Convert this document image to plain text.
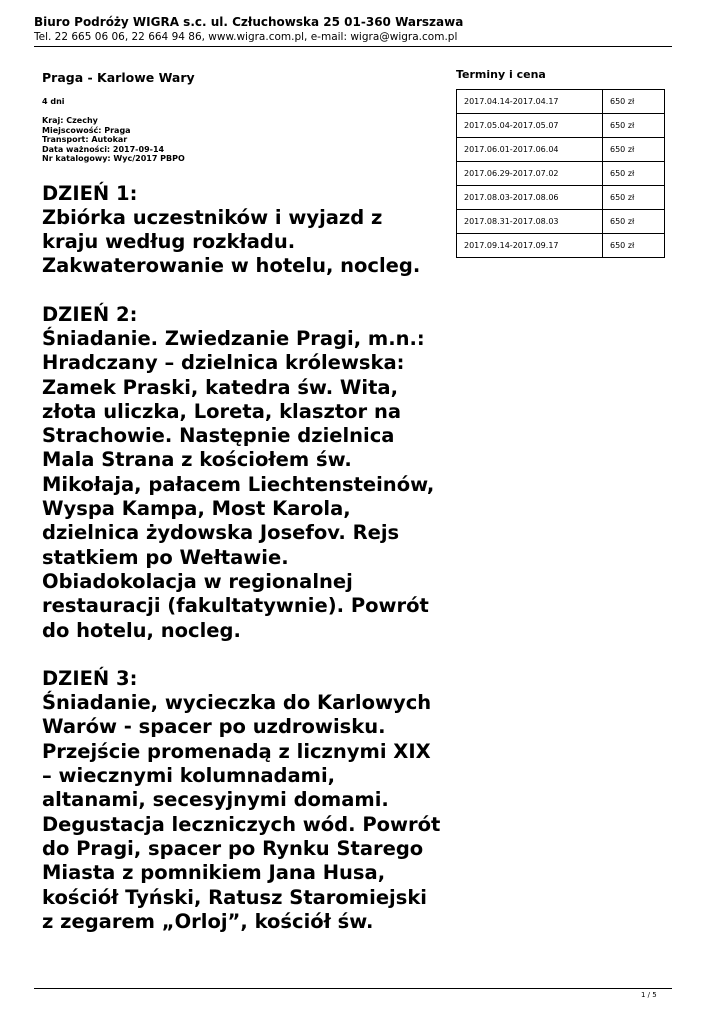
Biuro Podróży WIGRA s.c. ul. Człuchowska 25 01-360 Warszawa
Tel. 22 665 06 06, 22 664 94 86, www.wigra.com.pl, e-mail: wigra@wigra.com.pl
Praga - Karlowe Wary
4 dni
Kraj: Czechy
Miejscowość: Praga
Transport: Autokar
Data ważności: 2017-09-14
Nr katalogowy: Wyc/2017 PBPO
DZIEŃ 1:
Zbiórka uczestników i wyjazd z
kraju według rozkładu.
Zakwaterowanie w hotelu, nocleg.
DZIEŃ 2:
Śniadanie. Zwiedzanie Pragi, m.n.:
Hradczany – dzielnica królewska:
Zamek Praski, katedra św. Wita,
złota uliczka, Loreta, klasztor na
Strachowie. Następnie dzielnica
Mala Strana z kościołem św.
Mikołaja, pałacem Liechtensteinów,
Wyspa Kampa, Most Karola,
dzielnica żydowska Josefov. Rejs
statkiem po Wełtawie.
Obiadokolacja w regionalnej
restauracji (fakultatywnie). Powrót
do hotelu, nocleg.
DZIEŃ 3:
Śniadanie, wycieczka do Karlowych
Warów - spacer po uzdrowisku.
Przejście promenadą z licznymi XIX
– wiecznymi kolumnadami,
altanami, secesyjnymi domami.
Degustacja leczniczych wód. Powrót
do Pragi, spacer po Rynku Starego
Miasta z pomnikiem Jana Husa,
kościół Tyński, Ratusz Staromiejski
z zegarem „Orloj”, kościół św.
Terminy i cena
2017.04.14-2017.04.17	650 zł
2017.05.04-2017.05.07	650 zł
2017.06.01-2017.06.04	650 zł
2017.06.29-2017.07.02	650 zł
2017.08.03-2017.08.06	650 zł
2017.08.31-2017.08.03	650 zł
2017.09.14-2017.09.17	650 zł
1 / 5
